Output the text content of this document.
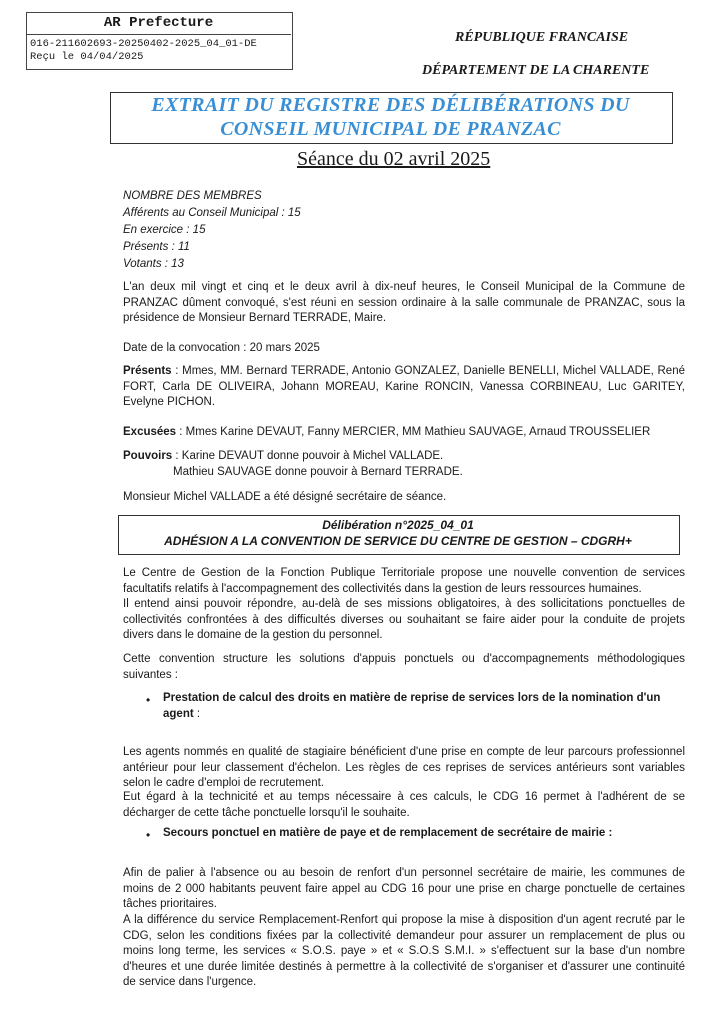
AR Prefecture
016-211602693-20250402-2025_04_01-DE
Reçu le 04/04/2025
RÉPUBLIQUE FRANCAISE
DÉPARTEMENT DE LA CHARENTE
EXTRAIT DU REGISTRE DES DÉLIBÉRATIONS DU
CONSEIL MUNICIPAL DE PRANZAC
Séance du 02 avril 2025
NOMBRE DES MEMBRES
Afférents au Conseil Municipal : 15
En exercice : 15
Présents : 11
Votants : 13

L'an deux mil vingt et cinq et le deux avril à dix-neuf heures, le Conseil Municipal de la Commune de PRANZAC dûment convoqué, s'est réuni en session ordinaire à la salle communale de PRANZAC, sous la présidence de Monsieur Bernard TERRADE, Maire.

Date de la convocation : 20 mars 2025

Présents : Mmes, MM. Bernard TERRADE, Antonio GONZALEZ, Danielle BENELLI, Michel VALLADE, René FORT, Carla DE OLIVEIRA, Johann MOREAU, Karine RONCIN, Vanessa CORBINEAU, Luc GARITEY, Evelyne PICHON.

Excusées : Mmes Karine DEVAUT, Fanny MERCIER, MM Mathieu SAUVAGE, Arnaud TROUSSELIER

Pouvoirs : Karine DEVAUT donne pouvoir à Michel VALLADE.

Mathieu SAUVAGE donne pouvoir à Bernard TERRADE.

Monsieur Michel VALLADE a été désigné secrétaire de séance.

Délibération n°2025_04_01
ADHÉSION A LA CONVENTION DE SERVICE DU CENTRE DE GESTION – CDGRH+

Le Centre de Gestion de la Fonction Publique Territoriale propose une nouvelle convention de services facultatifs relatifs à l'accompagnement des collectivités dans la gestion de leurs ressources humaines.

Il entend ainsi pouvoir répondre, au-delà de ses missions obligatoires, à des sollicitations ponctuelles de collectivités confrontées à des difficultés diverses ou souhaitant se faire aider pour la conduite de projets divers dans le domaine de la gestion du personnel.

Cette convention structure les solutions d'appuis ponctuels ou d'accompagnements méthodologiques suivantes :

• Prestation de calcul des droits en matière de reprise de services lors de la nomination d'un agent :

Les agents nommés en qualité de stagiaire bénéficient d'une prise en compte de leur parcours professionnel antérieur pour leur classement d'échelon. Les règles de ces reprises de services antérieurs sont variables selon le cadre d'emploi de recrutement.

Eut égard à la technicité et au temps nécessaire à ces calculs, le CDG 16 permet à l'adhérent de se décharger de cette tâche ponctuelle lorsqu'il le souhaite.

• Secours ponctuel en matière de paye et de remplacement de secrétaire de mairie :

Afin de palier à l'absence ou au besoin de renfort d'un personnel secrétaire de mairie, les communes de moins de 2 000 habitants peuvent faire appel au CDG 16 pour une prise en charge ponctuelle de certaines tâches prioritaires.

A la différence du service Remplacement-Renfort qui propose la mise à disposition d'un agent recruté par le CDG, selon les conditions fixées par la collectivité demandeur pour assurer un remplacement de plus ou moins long terme, les services « S.O.S. paye » et « S.O.S S.M.I. » s'effectuent sur la base d'un nombre d'heures et une durée limitée destinés à permettre à la collectivité de s'organiser et d'assurer une continuité de service dans l'urgence.
